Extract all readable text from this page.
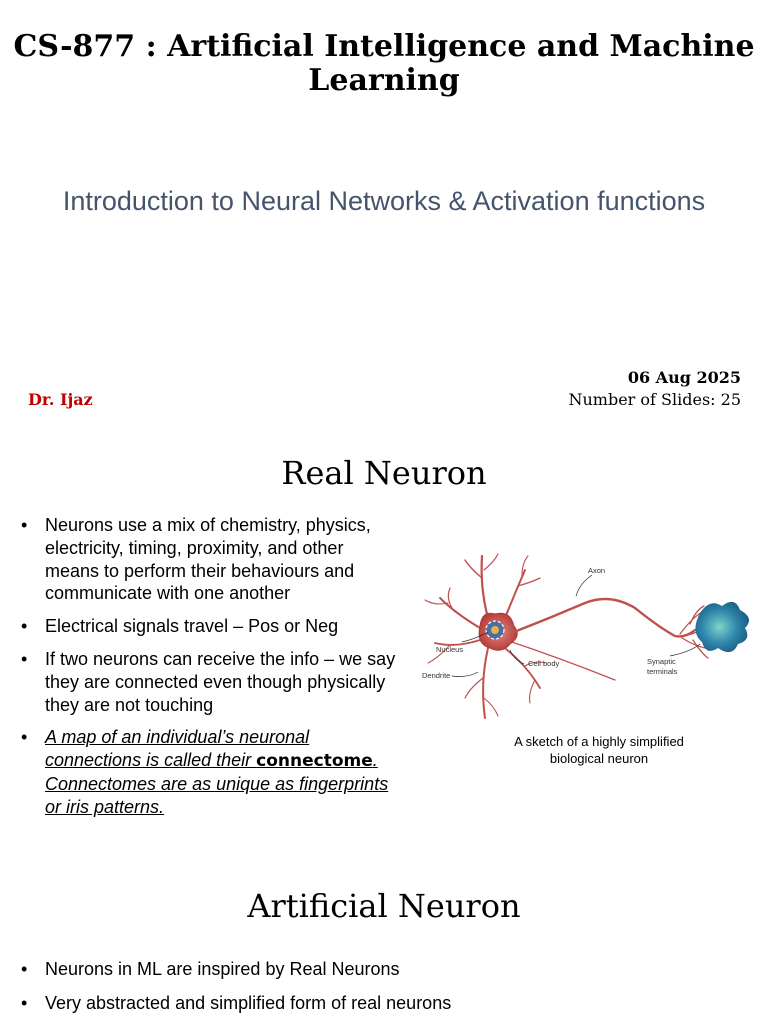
CS-877 : Artificial Intelligence and Machine Learning
Introduction to Neural Networks & Activation functions
Dr. Ijaz
06 Aug 2025
Number of Slides: 25
Real Neuron
• Neurons use a mix of chemistry, physics, electricity, timing, proximity, and other means to perform their behaviours and communicate with one another
• Electrical signals travel – Pos or Neg
• If two neurons can receive the info – we say they are connected even though physically they are not touching
• A map of an individual’s neuronal connections is called their connectome. Connectomes are as unique as fingerprints or iris patterns.
Axon
Nucleus
Cell body
Dendrite
Synaptic
terminals
A sketch of a highly simplified
biological neuron
Artificial Neuron
• Neurons in ML are inspired by Real Neurons
• Very abstracted and simplified form of real neurons
